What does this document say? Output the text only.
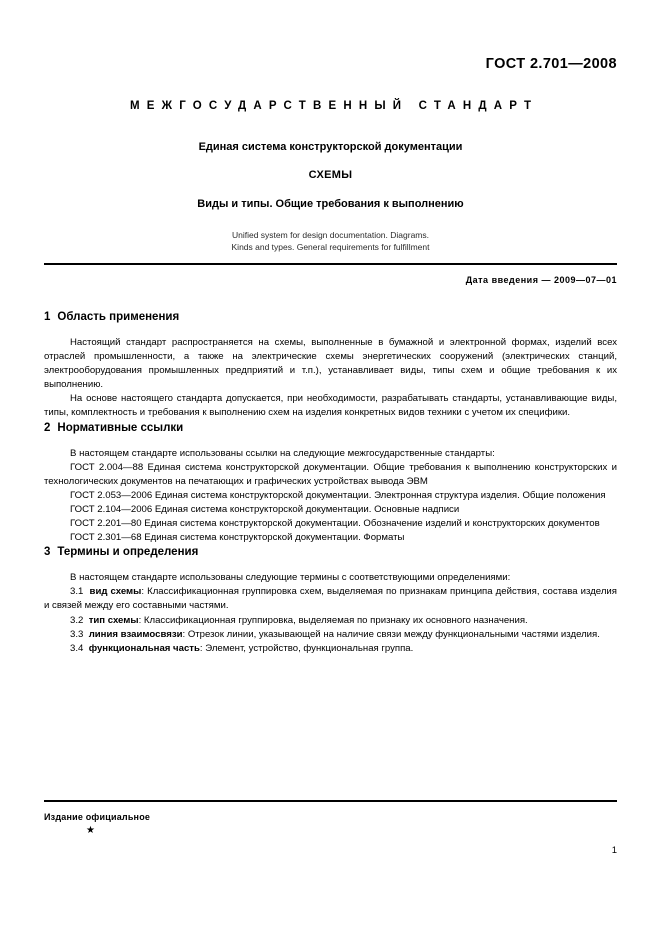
ГОСТ 2.701—2008
МЕЖГОСУДАРСТВЕННЫЙ СТАНДАРТ

Единая система конструкторской документации

СХЕМЫ

Виды и типы. Общие требования к выполнению

Unified system for design documentation. Diagrams.

Kinds and types. General requirements for fulfillment

Дата введения — 2009—07—01
1 Область применения

Настоящий стандарт распространяется на схемы, выполненные в бумажной и электронной формах, изделий всех отраслей промышленности, а также на электрические схемы энергетических сооружений (электрических станций, электрооборудования промышленных предприятий и т.п.), устанавливает виды, типы схем и общие требования к их выполнению.

На основе настоящего стандарта допускается, при необходимости, разрабатывать стандарты, устанавливающие виды, типы, комплектность и требования к выполнению схем на изделия конкретных видов техники с учетом их специфики.

2 Нормативные ссылки

В настоящем стандарте использованы ссылки на следующие межгосударственные стандарты:

ГОСТ 2.004—88 Единая система конструкторской документации. Общие требования к выполнению конструкторских и технологических документов на печатающих и графических устройствах вывода ЭВМ

ГОСТ 2.053—2006 Единая система конструкторской документации. Электронная структура изделия. Общие положения

ГОСТ 2.104—2006 Единая система конструкторской документации. Основные надписи

ГОСТ 2.201—80 Единая система конструкторской документации. Обозначение изделий и конструкторских документов

ГОСТ 2.301—68 Единая система конструкторской документации. Форматы

3 Термины и определения

В настоящем стандарте использованы следующие термины с соответствующими определениями:

3.1 вид схемы: Классификационная группировка схем, выделяемая по признакам принципа действия, состава изделия и связей между его составными частями.

3.2 тип схемы: Классификационная группировка, выделяемая по признаку их основного назначения.

3.3 линия взаимосвязи: Отрезок линии, указывающей на наличие связи между функциональными частями изделия.

3.4 функциональная часть: Элемент, устройство, функциональная группа.

Издание официальное
★
1
